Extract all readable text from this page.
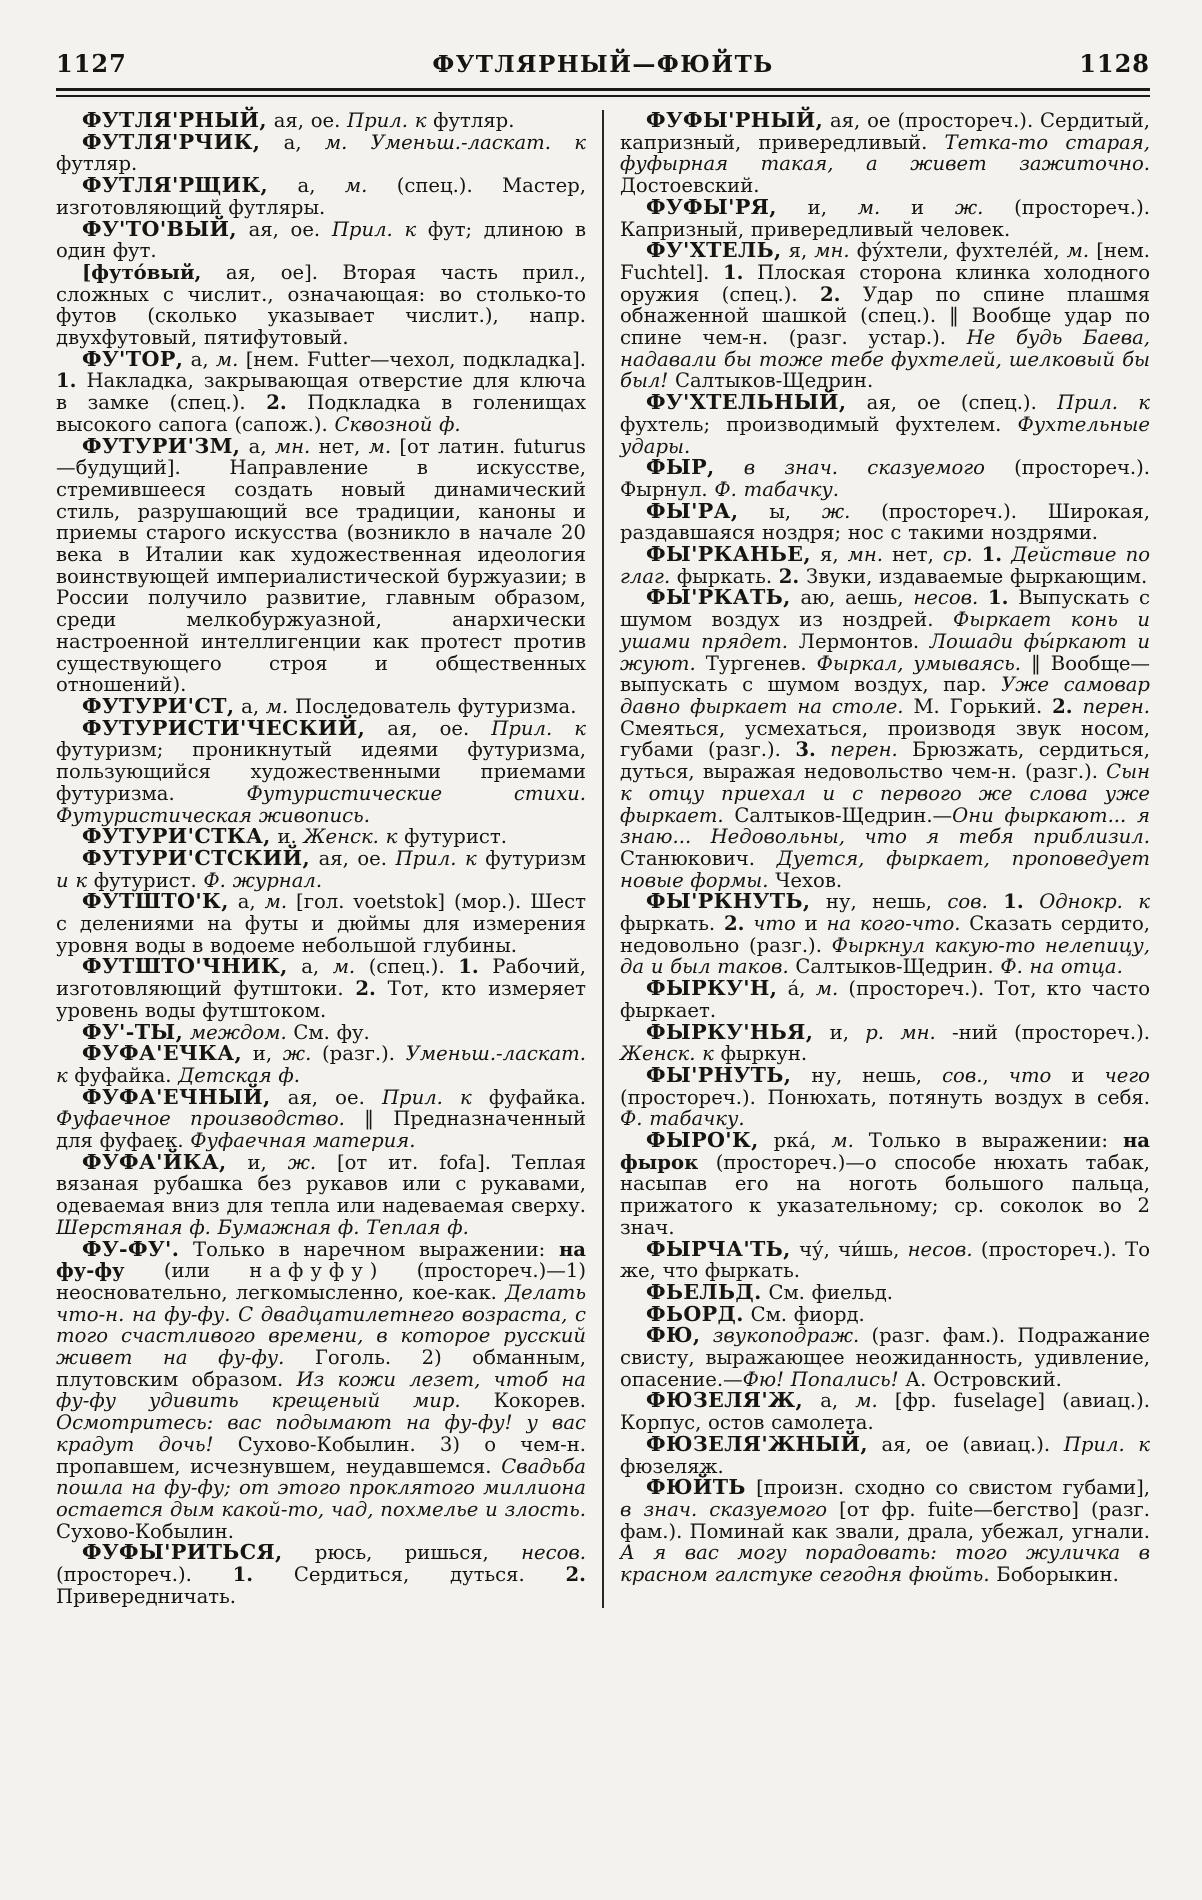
1127	ФУТЛЯРНЫЙ—ФЮЙТЬ	1128

ФУТЛЯ'РНЫЙ, ая, ое. Прил. к футляр.

ФУТЛЯ'РЧИК, а, м. Уменьш.-ласкат. к футляр.

ФУТЛЯ'РЩИК, а, м. (спец.). Мастер, изготовляющий футляры.

ФУ'ТО'ВЫЙ, ая, ое. Прил. к фут; длиною в один фут.

[футо́вый, ая, ое]. Вторая часть прил., сложных с числит., означающая: во столько-то футов (сколько указывает числит.), напр. двухфутовый, пятифутовый.

ФУ'ТОР, а, м. [нем. Futter—чехол, подкладка]. 1. Накладка, закрывающая отверстие для ключа в замке (спец.). 2. Подкладка в голенищах высокого сапога (сапож.). Сквозной ф.

ФУТУРИ'ЗМ, а, мн. нет, м. [от латин. futurus—будущий]. Направление в искусстве, стремившееся создать новый динамический стиль, разрушающий все традиции, каноны и приемы старого искусства (возникло в начале 20 века в Италии как художественная идеология воинствующей империалистической буржуазии; в России получило развитие, главным образом, среди мелкобуржуазной, анархически настроенной интеллигенции как протест против существующего строя и общественных отношений).

ФУТУРИ'СТ, а, м. Последователь футуризма.

ФУТУРИСТИ'ЧЕСКИЙ, ая, ое. Прил. к футуризм; проникнутый идеями футуризма, пользующийся художественными приемами футуризма. Футуристические стихи. Футуристическая живопись.

ФУТУРИ'СТКА, и. Женск. к футурист.

ФУТУРИ'СТСКИЙ, ая, ое. Прил. к футуризм и к футурист. Ф. журнал.

ФУТШТО'К, а, м. [гол. voetstok] (мор.). Шест с делениями на футы и дюймы для измерения уровня воды в водоеме небольшой глубины.

ФУТШТО'ЧНИК, а, м. (спец.). 1. Рабочий, изготовляющий футштоки. 2. Тот, кто измеряет уровень воды футштоком.

ФУ'-ТЫ, междом. См. фу.

ФУФА'ЕЧКА, и, ж. (разг.). Уменьш.-ласкат. к фуфайка. Детская ф.

ФУФА'ЕЧНЫЙ, ая, ое. Прил. к фуфайка. Фуфаечное производство. ‖ Предназначенный для фуфаек. Фуфаечная материя.

ФУФА'ЙКА, и, ж. [от ит. fofa]. Теплая вязаная рубашка без рукавов или с рукавами, одеваемая вниз для тепла или надеваемая сверху. Шерстяная ф. Бумажная ф. Теплая ф.

ФУ-ФУ'. Только в наречном выражении: на фу-фу (или нафуфу) (простореч.)—1) неосновательно, легкомысленно, кое-как. Делать что-н. на фу-фу. С двадцатилетнего возраста, с того счастливого времени, в которое русский живет на фу-фу. Гоголь. 2) обманным, плутовским образом. Из кожи лезет, чтоб на фу-фу удивить крещеный мир. Кокорев. Осмотритесь: вас подымают на фу-фу! у вас крадут дочь! Сухово-Кобылин. 3) о чем-н. пропавшем, исчезнувшем, неудавшемся. Свадьба пошла на фу-фу; от этого проклятого миллиона остается дым какой-то, чад, похмелье и злость. Сухово-Кобылин.

ФУФЫ'РИТЬСЯ, рюсь, ришься, несов. (простореч.). 1. Сердиться, дуться. 2. Привередничать.

ФУФЫ'РНЫЙ, ая, ое (простореч.). Сердитый, капризный, привередливый. Тетка-то старая, фуфырная такая, а живет зажиточно. Достоевский.

ФУФЫ'РЯ, и, м. и ж. (простореч.). Капризный, привередливый человек.

ФУ'ХТЕЛЬ, я, мн. фу́хтели, фухтеле́й, м. [нем. Fuchtel]. 1. Плоская сторона клинка холодного оружия (спец.). 2. Удар по спине плашмя обнаженной шашкой (спец.). ‖ Вообще удар по спине чем-н. (разг. устар.). Не будь Баева, надавали бы тоже тебе фухтелей, шелковый бы был! Салтыков-Щедрин.

ФУ'ХТЕЛЬНЫЙ, ая, ое (спец.). Прил. к фухтель; производимый фухтелем. Фухтельные удары.

ФЫР, в знач. сказуемого (простореч.). Фырнул. Ф. табачку.

ФЫ'РА, ы, ж. (простореч.). Широкая, раздавшаяся ноздря; нос с такими ноздрями.

ФЫ'РКАНЬЕ, я, мн. нет, ср. 1. Действие по глаг. фыркать. 2. Звуки, издаваемые фыркающим.

ФЫ'РКАТЬ, аю, аешь, несов. 1. Выпускать с шумом воздух из ноздрей. Фыркает конь и ушами прядет. Лермонтов. Лошади фы́ркают и жуют. Тургенев. Фыркал, умываясь. ‖ Вообще—выпускать с шумом воздух, пар. Уже самовар давно фыркает на столе. М. Горький. 2. перен. Смеяться, усмехаться, производя звук носом, губами (разг.). 3. перен. Брюзжать, сердиться, дуться, выражая недовольство чем-н. (разг.). Сын к отцу приехал и с первого же слова уже фыркает. Салтыков-Щедрин.—Они фыркают... я знаю... Недовольны, что я тебя приблизил. Станюкович. Дуется, фыркает, проповедует новые формы. Чехов.

ФЫ'РКНУТЬ, ну, нешь, сов. 1. Однокр. к фыркать. 2. что и на кого-что. Сказать сердито, недовольно (разг.). Фыркнул какую-то нелепицу, да и был таков. Салтыков-Щедрин. Ф. на отца.

ФЫРКУ'Н, а́, м. (простореч.). Тот, кто часто фыркает.

ФЫРКУ'НЬЯ, и, р. мн. -ний (простореч.). Женск. к фыркун.

ФЫ'РНУТЬ, ну, нешь, сов., что и чего (простореч.). Понюхать, потянуть воздух в себя. Ф. табачку.

ФЫРО'К, рка́, м. Только в выражении: на фырок (простореч.)—о способе нюхать табак, насыпав его на ноготь большого пальца, прижатого к указательному; ср. соколок во 2 знач.

ФЫРЧА'ТЬ, чу́, чи́шь, несов. (простореч.). То же, что фыркать.

ФЬЕЛЬД. См. фиельд.

ФЬОРД. См. фиорд.

ФЮ, звукоподраж. (разг. фам.). Подражание свисту, выражающее неожиданность, удивление, опасение.—Фю! Попались! А. Островский.

ФЮЗЕЛЯ'Ж, а, м. [фр. fuselage] (авиац.). Корпус, остов самолета.

ФЮЗЕЛЯ'ЖНЫЙ, ая, ое (авиац.). Прил. к фюзеляж.

ФЮЙТЬ [произн. сходно со свистом губами], в знач. сказуемого [от фр. fuite—бегство] (разг. фам.). Поминай как звали, драла, убежал, угнали. А я вас могу порадовать: того жуличка в красном галстуке сегодня фюйть. Боборыкин.
